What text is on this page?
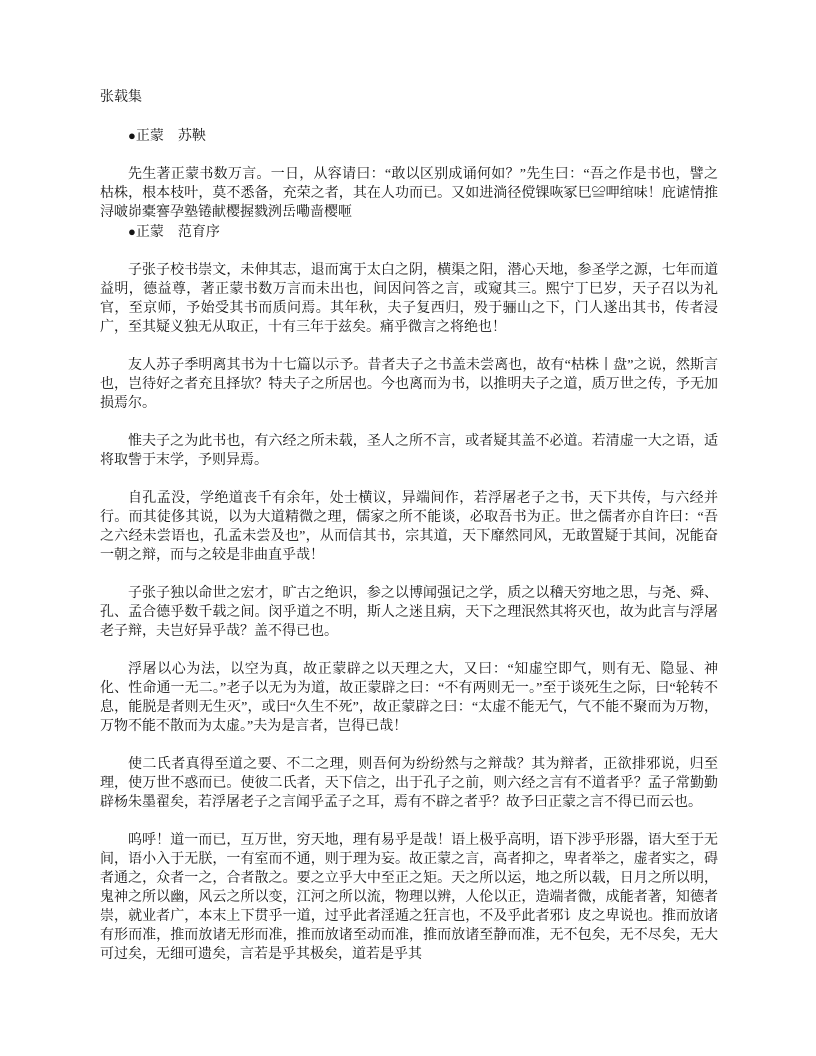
张载集
●正蒙　苏鞅

先生著正蒙书数万言。一日，从容请曰：“敢以区别成诵何如？”先生曰：“吾之作是书也，譬之枯株，根本枝叶，莫不悉备，充荣之者，其在人功而已。又如进淌径傥锞咴冢巳≌呷绾味！庇谑情推浔啵峁橐謇孕塾锩献樱握戮洌岳嘞啬樱咂

●正蒙　范育序

子张子校书崇文，未伸其志，退而寓于太白之阴，横渠之阳，潜心天地，参圣学之源，七年而道益明，德益尊，著正蒙书数万言而未出也，间因问答之言，或窥其三。熙宁丁巳岁，天子召以为礼官，至京师，予始受其书而质问焉。其年秋，夫子复西归，殁于骊山之下，门人遂出其书，传者浸广，至其疑义独无从取正，十有三年于兹矣。痛乎微言之将绝也！

友人苏子季明离其书为十七篇以示予。昔者夫子之书盖未尝离也，故有“枯株丨盘”之说，然斯言也，岂待好之者充且择欤？特夫子之所居也。今也离而为书，以推明夫子之道，质万世之传，予无加损焉尔。

惟夫子之为此书也，有六经之所未载，圣人之所不言，或者疑其盖不必道。若清虚一大之语，适将取訾于末学，予则异焉。

自孔孟没，学绝道丧千有余年，处士横议，异端间作，若浮屠老子之书，天下共传，与六经并行。而其徒侈其说，以为大道精微之理，儒家之所不能谈，必取吾书为正。世之儒者亦自许曰：“吾之六经未尝语也，孔孟未尝及也”，从而信其书，宗其道，天下靡然同风，无敢置疑于其间，况能奋一朝之辩，而与之较是非曲直乎哉！

子张子独以命世之宏才，旷古之绝识，参之以博闻强记之学，质之以稽天穷地之思，与尧、舜、孔、孟合德乎数千载之间。闵乎道之不明，斯人之迷且病，天下之理泯然其将灭也，故为此言与浮屠老子辩，夫岂好异乎哉？盖不得已也。

浮屠以心为法，以空为真，故正蒙辟之以天理之大，又曰：“知虚空即气，则有无、隐显、神化、性命通一无二。”老子以无为为道，故正蒙辟之曰：“不有两则无一。”至于谈死生之际，曰“轮转不息，能脱是者则无生灭”，或曰“久生不死”，故正蒙辟之曰：“太虚不能无气，气不能不聚而为万物，万物不能不散而为太虚。”夫为是言者，岂得已哉！

使二氏者真得至道之要、不二之理，则吾何为纷纷然与之辩哉？其为辩者，正欲排邪说，归至理，使万世不惑而已。使彼二氏者，天下信之，出于孔子之前，则六经之言有不道者乎？孟子常勤勤辟杨朱墨翟矣，若浮屠老子之言闻乎孟子之耳，焉有不辟之者乎？故予曰正蒙之言不得已而云也。

呜呼！道一而已，互万世，穷天地，理有易乎是哉！语上极乎高明，语下涉乎形器，语大至于无间，语小入于无朕，一有室而不通，则于理为妄。故正蒙之言，高者抑之，卑者举之，虚者实之，碍者通之，众者一之，合者散之。要之立乎大中至正之矩。天之所以运，地之所以载，日月之所以明，鬼神之所以幽，风云之所以变，江河之所以流，物理以辨，人伦以正，造端者微，成能者著，知德者崇，就业者广，本末上下贯乎一道，过乎此者淫遁之狂言也，不及乎此者邪讠皮之卑说也。推而放诸有形而准，推而放诸无形而准，推而放诸至动而准，推而放诸至静而准，无不包矣，无不尽矣，无大可过矣，无细可遗矣，言若是乎其极矣，道若是乎其
